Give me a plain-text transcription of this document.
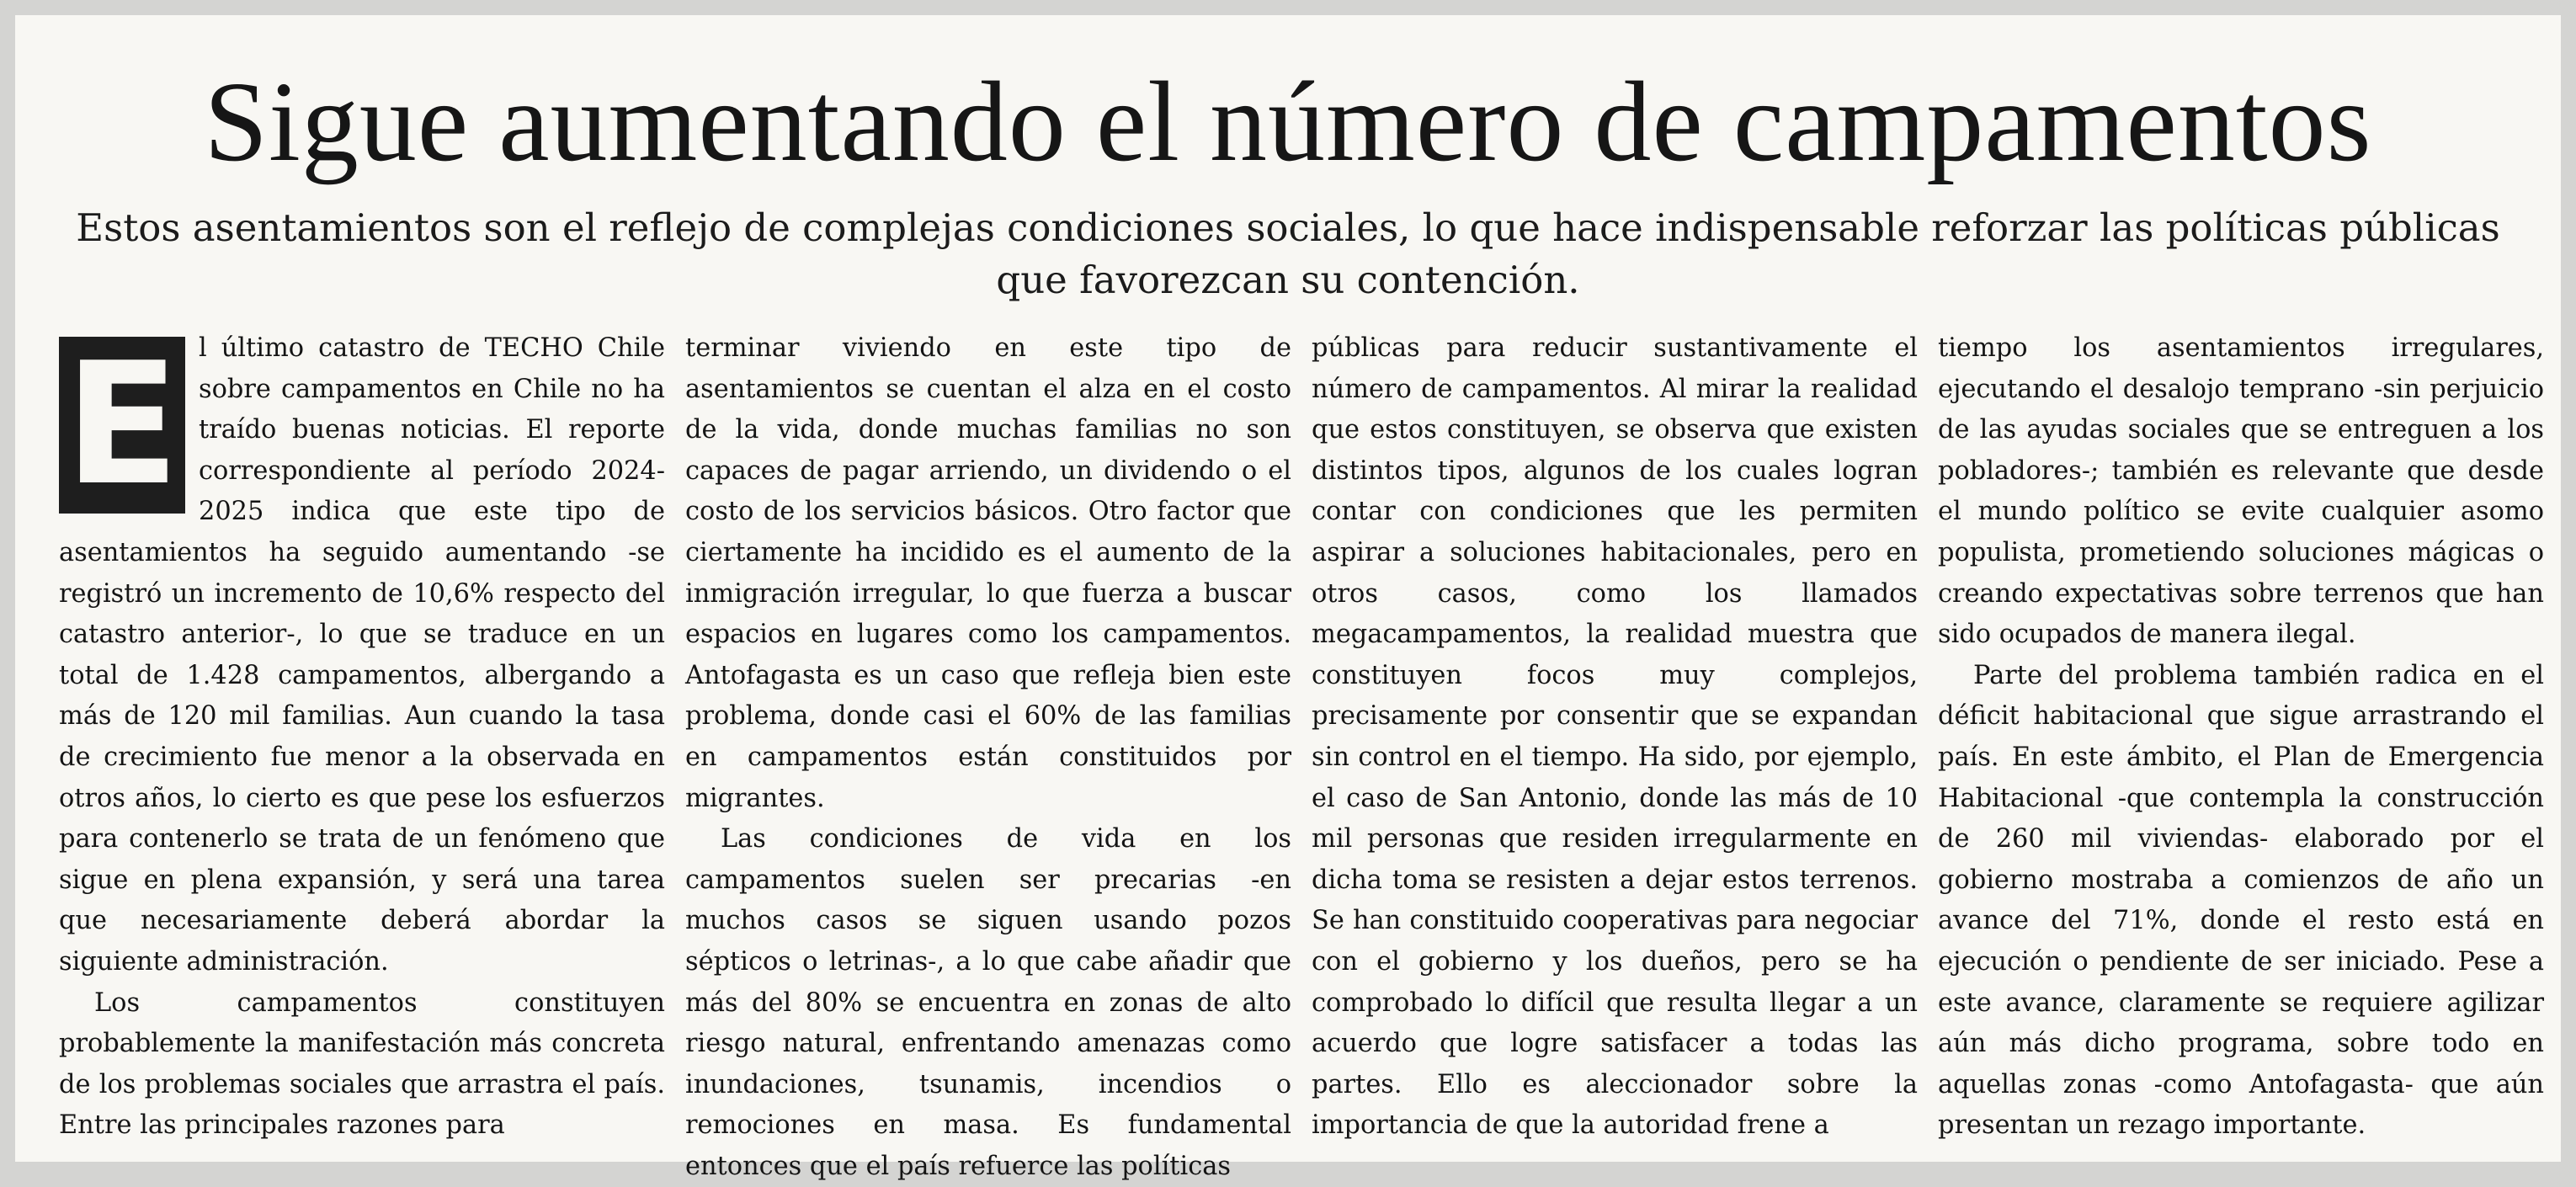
Sigue aumentando el número de campamentos
Estos asentamientos son el reflejo de complejas condiciones sociales, lo que hace indispensable reforzar las políticas públicas que favorezcan su contención.
E l último catastro de TECHO Chile sobre campamentos en Chile no ha traído buenas noticias. El reporte correspondiente al período 2024-2025 indica que este tipo de asentamientos ha seguido aumentando -se registró un incremento de 10,6% respecto del catastro anterior-, lo que se traduce en un total de 1.428 campamentos, albergando a más de 120 mil familias. Aun cuando la tasa de crecimiento fue menor a la observada en otros años, lo cierto es que pese los esfuerzos para contenerlo se trata de un fenómeno que sigue en plena expansión, y será una tarea que necesariamente deberá abordar la siguiente administración.

Los campamentos constituyen probablemente la manifestación más concreta de los problemas sociales que arrastra el país. Entre las principales razones para

terminar viviendo en este tipo de asentamientos se cuentan el alza en el costo de la vida, donde muchas familias no son capaces de pagar arriendo, un dividendo o el costo de los servicios básicos. Otro factor que ciertamente ha incidido es el aumento de la inmigración irregular, lo que fuerza a buscar espacios en lugares como los campamentos. Antofagasta es un caso que refleja bien este problema, donde casi el 60% de las familias en campamentos están constituidos por migrantes.

Las condiciones de vida en los campamentos suelen ser precarias -en muchos casos se siguen usando pozos sépticos o letrinas-, a lo que cabe añadir que más del 80% se encuentra en zonas de alto riesgo natural, enfrentando amenazas como inundaciones, tsunamis, incendios o remociones en masa. Es fundamental entonces que el país refuerce las políticas

públicas para reducir sustantivamente el número de campamentos. Al mirar la realidad que estos constituyen, se observa que existen distintos tipos, algunos de los cuales logran contar con condiciones que les permiten aspirar a soluciones habitacionales, pero en otros casos, como los llamados megacampamentos, la realidad muestra que constituyen focos muy complejos, precisamente por consentir que se expandan sin control en el tiempo. Ha sido, por ejemplo, el caso de San Antonio, donde las más de 10 mil personas que residen irregularmente en dicha toma se resisten a dejar estos terrenos. Se han constituido cooperativas para negociar con el gobierno y los dueños, pero se ha comprobado lo difícil que resulta llegar a un acuerdo que logre satisfacer a todas las partes. Ello es aleccionador sobre la importancia de que la autoridad frene a

tiempo los asentamientos irregulares, ejecutando el desalojo temprano -sin perjuicio de las ayudas sociales que se entreguen a los pobladores-; también es relevante que desde el mundo político se evite cualquier asomo populista, prometiendo soluciones mágicas o creando expectativas sobre terrenos que han sido ocupados de manera ilegal.

Parte del problema también radica en el déficit habitacional que sigue arrastrando el país. En este ámbito, el Plan de Emergencia Habitacional -que contempla la construcción de 260 mil viviendas- elaborado por el gobierno mostraba a comienzos de año un avance del 71%, donde el resto está en ejecución o pendiente de ser iniciado. Pese a este avance, claramente se requiere agilizar aún más dicho programa, sobre todo en aquellas zonas -como Antofagasta- que aún presentan un rezago importante.
